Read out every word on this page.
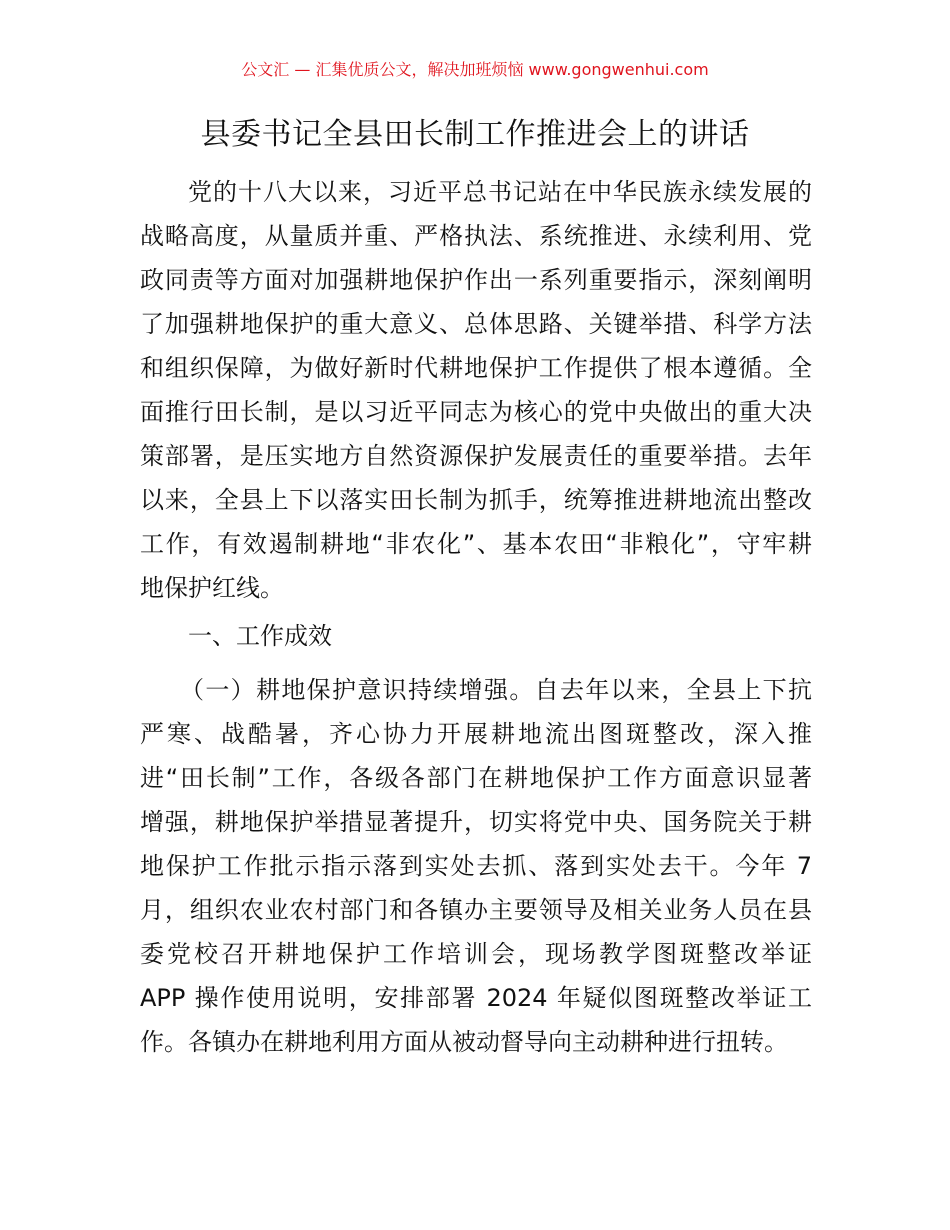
公文汇 — 汇集优质公文，解决加班烦恼 www.gongwenhui.com
县委书记全县田长制工作推进会上的讲话
党的十八大以来，习近平总书记站在中华民族永续发展的
战略高度，从量质并重、严格执法、系统推进、永续利用、党
政同责等方面对加强耕地保护作出一系列重要指示，深刻阐明
了加强耕地保护的重大意义、总体思路、关键举措、科学方法
和组织保障，为做好新时代耕地保护工作提供了根本遵循。全
面推行田长制，是以习近平同志为核心的党中央做出的重大决
策部署，是压实地方自然资源保护发展责任的重要举措。去年
以来，全县上下以落实田长制为抓手，统筹推进耕地流出整改
工作，有效遏制耕地“非农化”、基本农田“非粮化”，守牢耕
地保护红线。
一、工作成效
（一）耕地保护意识持续增强。自去年以来，全县上下抗
严寒、战酷暑，齐心协力开展耕地流出图斑整改，深入推
进“田长制”工作，各级各部门在耕地保护工作方面意识显著
增强，耕地保护举措显著提升，切实将党中央、国务院关于耕
地保护工作批示指示落到实处去抓、落到实处去干。今年 7
月，组织农业农村部门和各镇办主要领导及相关业务人员在县
委党校召开耕地保护工作培训会，现场教学图斑整改举证
APP 操作使用说明，安排部署 2024 年疑似图斑整改举证工
作。各镇办在耕地利用方面从被动督导向主动耕种进行扭转。
